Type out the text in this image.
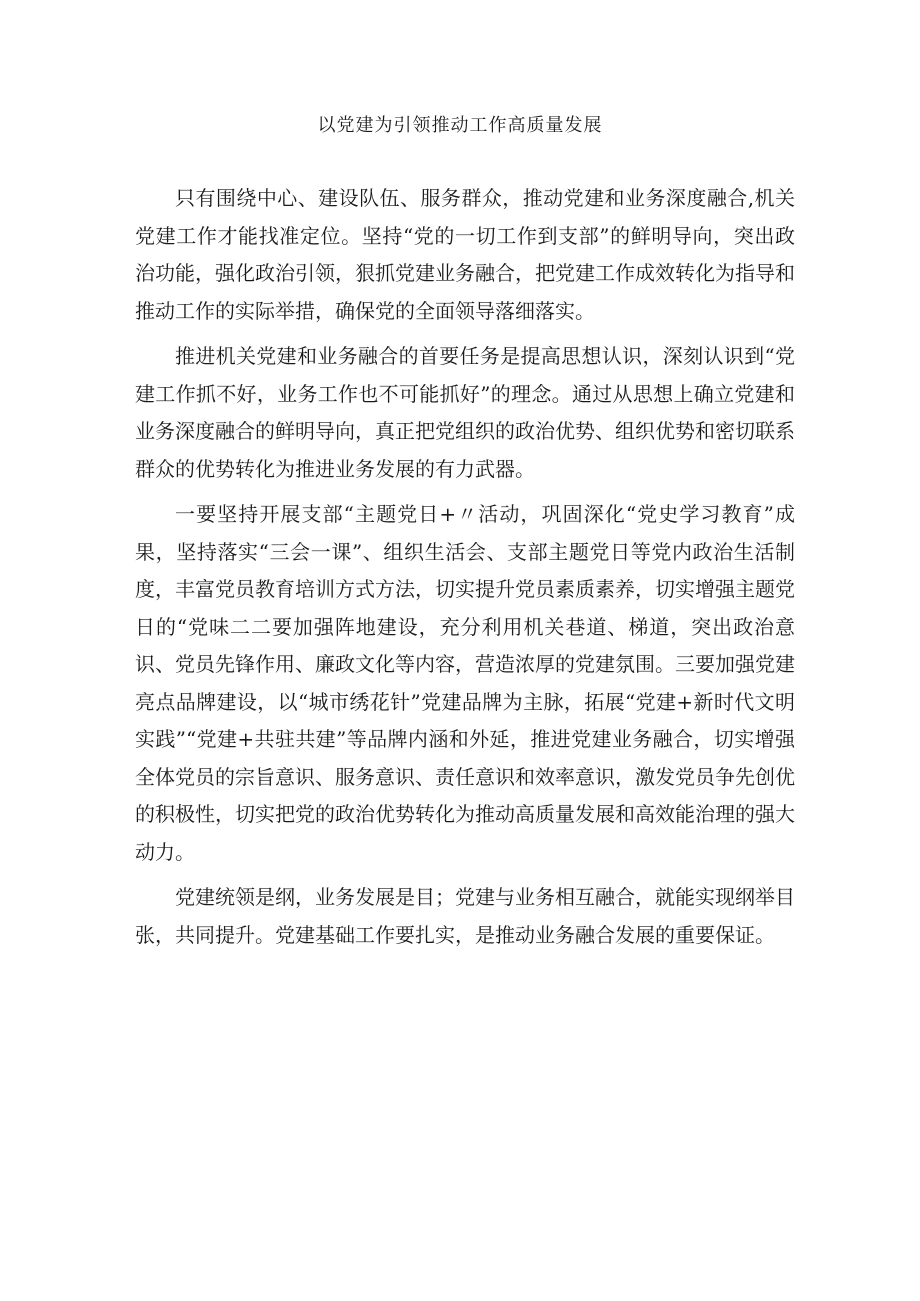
以党建为引领推动工作高质量发展

只有围绕中心、建设队伍、服务群众，推动党建和业务深度融合,机关党建工作才能找准定位。坚持“党的一切工作到支部”的鲜明导向，突出政治功能，强化政治引领，狠抓党建业务融合，把党建工作成效转化为指导和推动工作的实际举措，确保党的全面领导落细落实。

推进机关党建和业务融合的首要任务是提高思想认识，深刻认识到“党建工作抓不好，业务工作也不可能抓好”的理念。通过从思想上确立党建和业务深度融合的鲜明导向，真正把党组织的政治优势、组织优势和密切联系群众的优势转化为推进业务发展的有力武器。

一要坚持开展支部“主题党日+〃活动，巩固深化“党史学习教育”成果，坚持落实“三会一课”、组织生活会、支部主题党日等党内政治生活制度，丰富党员教育培训方式方法，切实提升党员素质素养，切实增强主题党日的“党味二二要加强阵地建设，充分利用机关巷道、梯道，突出政治意识、党员先锋作用、廉政文化等内容，营造浓厚的党建氛围。三要加强党建亮点品牌建设，以“城市绣花针”党建品牌为主脉，拓展“党建+新时代文明实践”“党建+共驻共建”等品牌内涵和外延，推进党建业务融合，切实增强全体党员的宗旨意识、服务意识、责任意识和效率意识，激发党员争先创优的积极性，切实把党的政治优势转化为推动高质量发展和高效能治理的强大动力。

党建统领是纲，业务发展是目；党建与业务相互融合，就能实现纲举目张，共同提升。党建基础工作要扎实，是推动业务融合发展的重要保证。
